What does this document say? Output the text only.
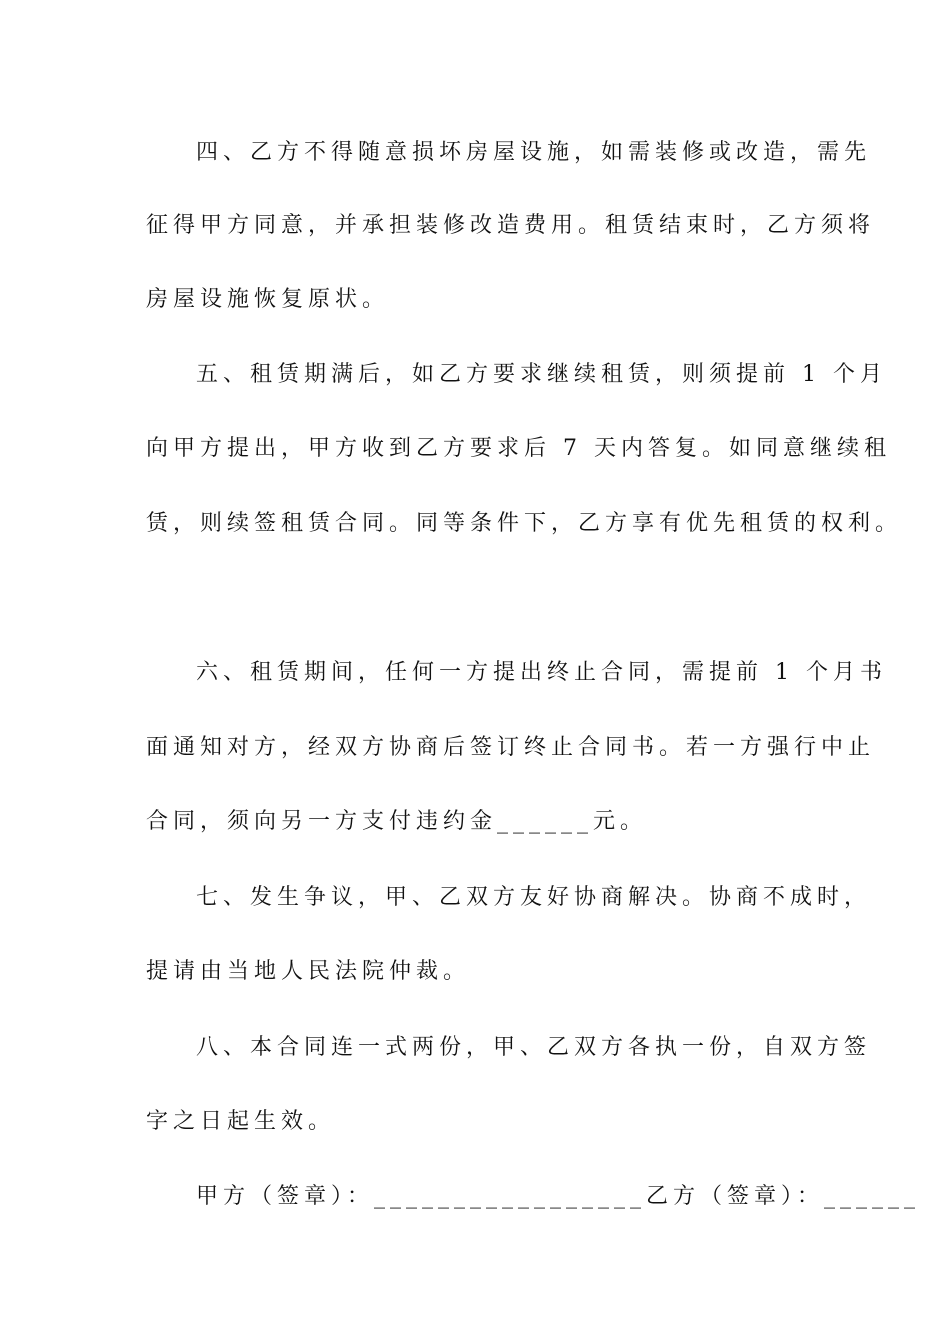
四、乙方不得随意损坏房屋设施，如需装修或改造，需先
征得甲方同意，并承担装修改造费用。租赁结束时，乙方须将
房屋设施恢复原状。
五、租赁期满后，如乙方要求继续租赁，则须提前 1 个月
向甲方提出，甲方收到乙方要求后 7 天内答复。如同意继续租
赁，则续签租赁合同。同等条件下，乙方享有优先租赁的权利。
六、租赁期间，任何一方提出终止合同，需提前 1 个月书
面通知对方，经双方协商后签订终止合同书。若一方强行中止
合同，须向另一方支付违约金______元。
七、发生争议，甲、乙双方友好协商解决。协商不成时，
提请由当地人民法院仲裁。
八、本合同连一式两份，甲、乙双方各执一份，自双方签
字之日起生效。
甲方（签章）：_________________乙方（签章）：______
